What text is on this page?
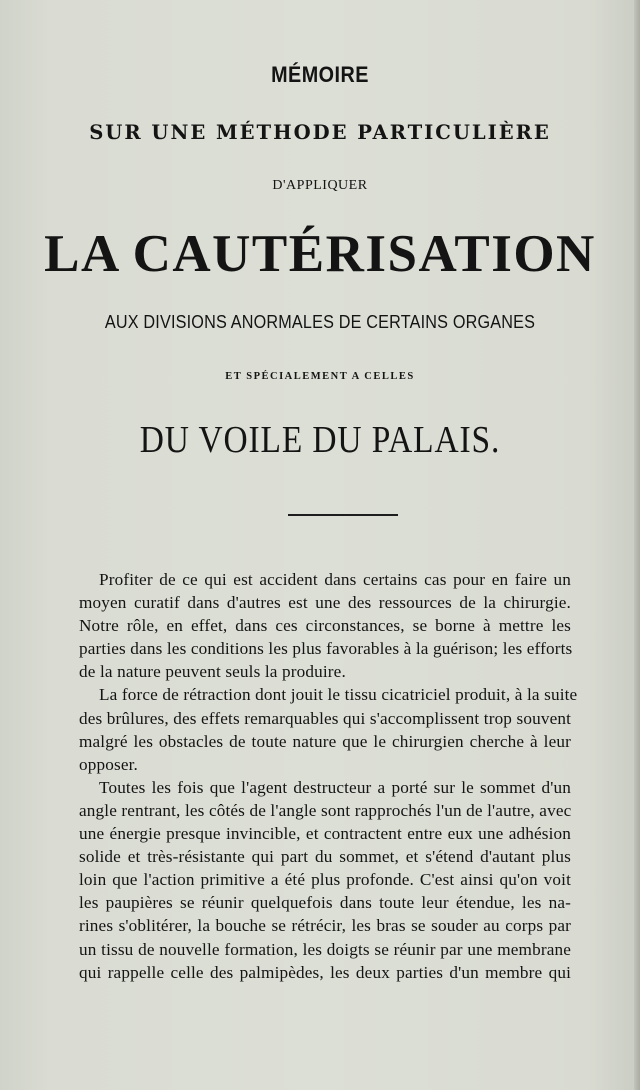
MÉMOIRE
SUR UNE MÉTHODE PARTICULIÈRE
D'APPLIQUER
LA CAUTÉRISATION
AUX DIVISIONS ANORMALES DE CERTAINS ORGANES
ET SPÉCIALEMENT A CELLES
DU VOILE DU PALAIS.
Profiter de ce qui est accident dans certains cas pour en faire un
moyen curatif dans d'autres est une des ressources de la chirurgie.
Notre rôle, en effet, dans ces circonstances, se borne à mettre les
parties dans les conditions les plus favorables à la guérison; les efforts
de la nature peuvent seuls la produire.
La force de rétraction dont jouit le tissu cicatriciel produit, à la suite
des brûlures, des effets remarquables qui s'accomplissent trop souvent
malgré les obstacles de toute nature que le chirurgien cherche à leur
opposer.
Toutes les fois que l'agent destructeur a porté sur le sommet d'un
angle rentrant, les côtés de l'angle sont rapprochés l'un de l'autre, avec
une énergie presque invincible, et contractent entre eux une adhésion
solide et très-résistante qui part du sommet, et s'étend d'autant plus
loin que l'action primitive a été plus profonde. C'est ainsi qu'on voit
les paupières se réunir quelquefois dans toute leur étendue, les na-
rines s'oblitérer, la bouche se rétrécir, les bras se souder au corps par
un tissu de nouvelle formation, les doigts se réunir par une membrane
qui rappelle celle des palmipèdes, les deux parties d'un membre qui
